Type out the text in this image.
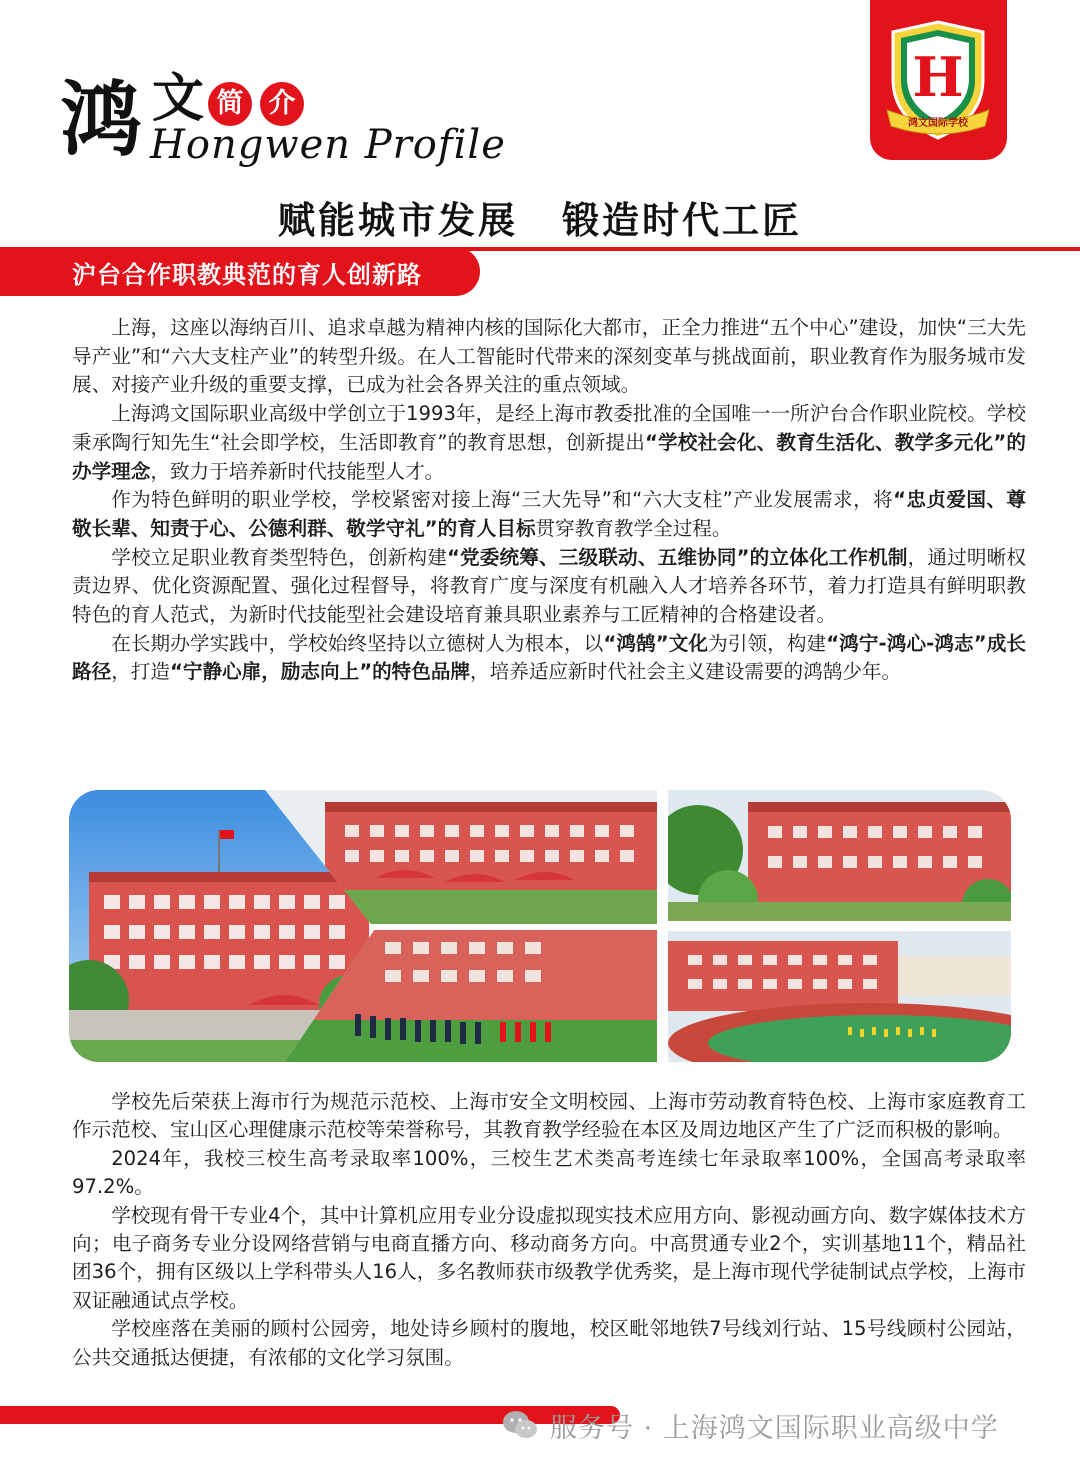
鸿 文 简 介
Hongwen Profile
H
鸿文国际学校
赋能城市发展 锻造时代工匠
沪台合作职教典范的育人创新路

上海，这座以海纳百川、追求卓越为精神内核的国际化大都市，正全力推进“五个中心”建设，加快“三大先导产业”和“六大支柱产业”的转型升级。在人工智能时代带来的深刻变革与挑战面前，职业教育作为服务城市发展、对接产业升级的重要支撑，已成为社会各界关注的重点领域。

上海鸿文国际职业高级中学创立于1993年，是经上海市教委批准的全国唯一一所沪台合作职业院校。学校秉承陶行知先生“社会即学校，生活即教育”的教育思想，创新提出“学校社会化、教育生活化、教学多元化”的办学理念，致力于培养新时代技能型人才。

作为特色鲜明的职业学校，学校紧密对接上海“三大先导”和“六大支柱”产业发展需求，将“忠贞爱国、尊敬长辈、知责于心、公德利群、敬学守礼”的育人目标贯穿教育教学全过程。

学校立足职业教育类型特色，创新构建“党委统筹、三级联动、五维协同”的立体化工作机制，通过明晰权责边界、优化资源配置、强化过程督导，将教育广度与深度有机融入人才培养各环节，着力打造具有鲜明职教特色的育人范式，为新时代技能型社会建设培育兼具职业素养与工匠精神的合格建设者。

在长期办学实践中，学校始终坚持以立德树人为根本，以“鸿鹄”文化为引领，构建“鸿宁-鸿心-鸿志”成长路径，打造“宁静心扉，励志向上”的特色品牌，培养适应新时代社会主义建设需要的鸿鹄少年。

学校先后荣获上海市行为规范示范校、上海市安全文明校园、上海市劳动教育特色校、上海市家庭教育工作示范校、宝山区心理健康示范校等荣誉称号，其教育教学经验在本区及周边地区产生了广泛而积极的影响。

2024年，我校三校生高考录取率100%，三校生艺术类高考连续七年录取率100%，全国高考录取率97.2%。

学校现有骨干专业4个，其中计算机应用专业分设虚拟现实技术应用方向、影视动画方向、数字媒体技术方向；电子商务专业分设网络营销与电商直播方向、移动商务方向。中高贯通专业2个，实训基地11个，精品社团36个，拥有区级以上学科带头人16人，多名教师获市级教学优秀奖，是上海市现代学徒制试点学校，上海市双证融通试点学校。

学校座落在美丽的顾村公园旁，地处诗乡顾村的腹地，校区毗邻地铁7号线刘行站、15号线顾村公园站，公共交通抵达便捷，有浓郁的文化学习氛围。

服务号 · 上海鸿文国际职业高级中学
